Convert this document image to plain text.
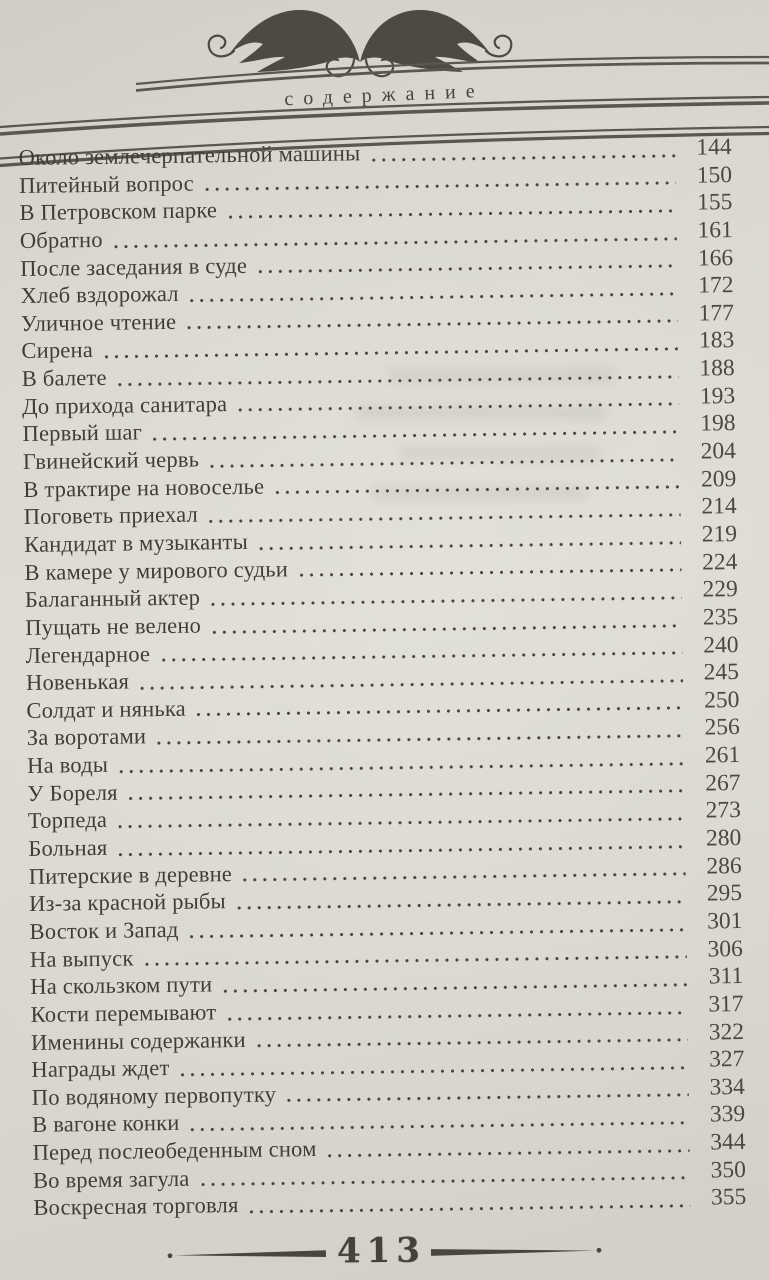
содержание
Около землечерпательной машины	144
Питейный вопрос	150
В Петровском парке	155
Обратно	161
После заседания в суде	166
Хлеб вздорожал	172
Уличное чтение	177
Сирена	183
В балете	188
До прихода санитара	193
Первый шаг	198
Гвинейский червь	204
В трактире на новоселье	209
Поговеть приехал	214
Кандидат в музыканты	219
В камере у мирового судьи	224
Балаганный актер	229
Пущать не велено	235
Легендарное	240
Новенькая	245
Солдат и нянька	250
За воротами	256
На воды	261
У Бореля	267
Торпеда	273
Больная	280
Питерские в деревне	286
Из-за красной рыбы	295
Восток и Запад	301
На выпуск	306
На скользком пути	311
Кости перемывают	317
Именины содержанки	322
Награды ждет	327
По водяному первопутку	334
В вагоне конки	339
Перед послеобеденным сном	344
Во время загула	350
Воскресная торговля	355
413
